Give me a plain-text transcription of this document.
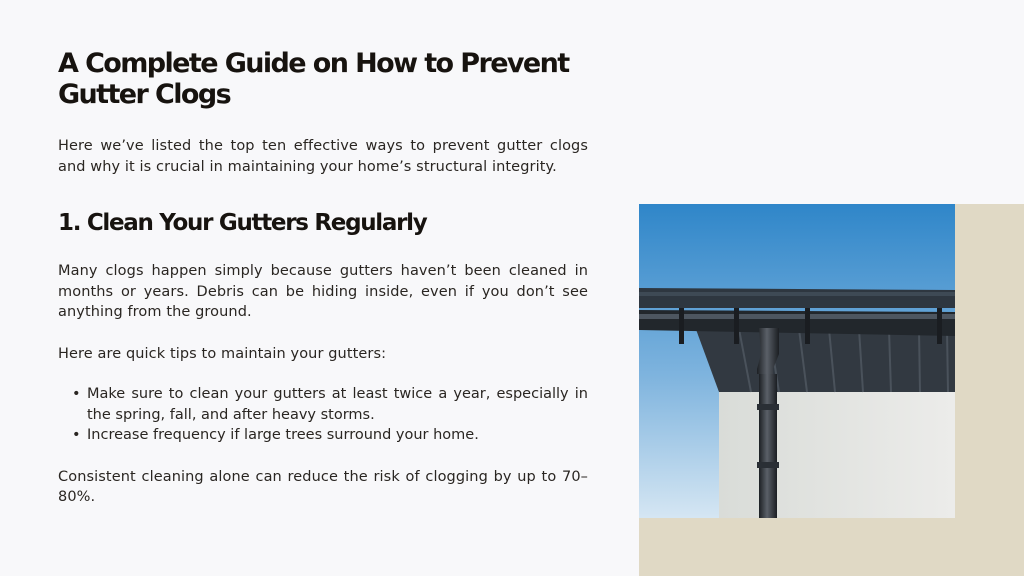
A Complete Guide on How to Prevent Gutter Clogs

Here we’ve listed the top ten effective ways to prevent gutter clogs and why it is crucial in maintaining your home’s structural integrity.

1. Clean Your Gutters Regularly

Many clogs happen simply because gutters haven’t been cleaned in months or years. Debris can be hiding inside, even if you don’t see anything from the ground.

Here are quick tips to maintain your gutters:

• Make sure to clean your gutters at least twice a year, especially in the spring, fall, and after heavy storms.
• Increase frequency if large trees surround your home.

Consistent cleaning alone can reduce the risk of clogging by up to 70–80%.
